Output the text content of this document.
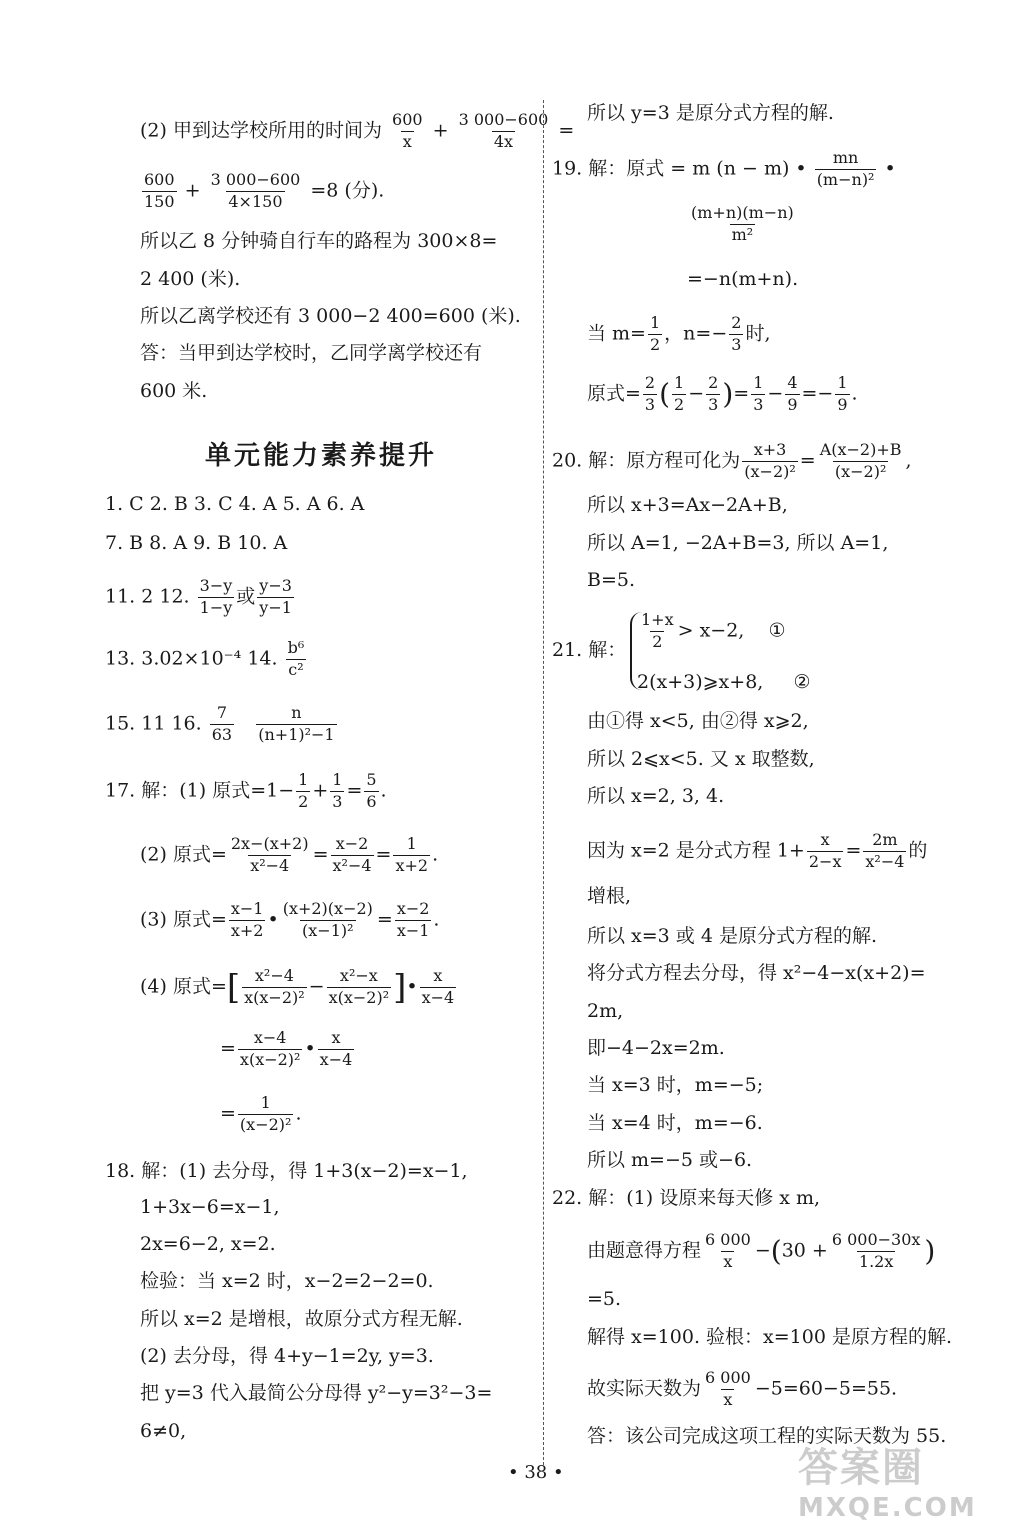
(2) 甲到达学校所用的时间为 $\frac{600}{x} + \frac{3 000-600}{4x}$ =
$\frac{600}{150} + \frac{3 000-600}{4\times 150} =8$ (分).
所以乙 8 分钟骑自行车的路程为 300×8=
2 400 (米).
所以乙离学校还有 3 000−2 400=600 (米).
答：当甲到达学校时，乙同学离学校还有
600 米.
1. C 2. B 3. C 4. A 5. A 6. A
7. B 8. A 9. B 10. A
11. 2 12. $\frac{3-y}{1-y}$ 或 $\frac{y-3}{y-1}$
13. 3.02×10⁻⁴ 14. $\frac{\text{b⁶}}{\text{c²}}$
15. 11 16. $\frac{7}{63}$
$\frac{n}{\text{(n+1)²−1}}$
17. 解：(1) 原式$=1- \frac{1}{2} + \frac{1}{3} = \frac{5}{6}$ .
(2) 原式= $\frac{2x-(x+2)}{\text{x²−4}} = \frac{x-2}{\text{x²−4}} = \frac{1}{x+2}$ .
(3) 原式= $\frac{x-1}{x+2}$ • $\frac{(x+2)(x-2)}{\text{(x−1)²}} = \frac{x-2}{x-1}$ .
(4) 原式=[ $\frac{\text{x²−4}}{\text{x(x−2)²}} - \frac{\text{x²−x}}{\text{x(x−2)²}}$ ]• $\frac{x}{x-4}$
= $\frac{x-4}{\text{x(x−2)²}}$ • $\frac{x}{x-4}$
= $\frac{1}{\text{(x−2)²}}$ .
18. 解：(1) 去分母，得 1+3(x−2)=x−1,
1+3x−6=x−1,
2x=6−2, x=2.
检验：当 x=2 时，x−2=2−2=0.
所以 x=2 是增根，故原分式方程无解.
(2) 去分母，得 4+y−1=2y, y=3.
把 y=3 代入最简公分母得 y²−y=3²−3=
6≠0,
单元能力素养提升
所以 y=3 是原分式方程的解.
19. 解：原式 = m (n − m) • $\frac{mn}{\text{(m−n)²}}$ •
$\frac{(m+n)(m-n)}{\text{m²}}$
=−n(m+n).
当 $m= \frac{1}{2}$ ，$n=- \frac{2}{3}$ 时,
原式= $\frac{2}{3}$ ( $\frac{1}{2} - \frac{2}{3}$ )= $\frac{1}{3} - \frac{4}{9} =- \frac{1}{9}$ .
20. 解：原方程可化为 $\frac{x+3}{\text{(x−2)²}} = \frac{A(x-2)+B}{\text{(x−2)²}}$ ,
所以 x+3=Ax−2A+B,
所以 A=1, −2A+B=3, 所以 A=1,
B=5.
21. 解： $\frac{1+x}{2} > x-2$, ①
2(x+3)⩾x+8, ②
由①得 x<5, 由②得 x⩾2,
所以 2⩽x<5. 又 x 取整数,
所以 x=2, 3, 4.
因为 x=2 是分式方程 $1+ \frac{x}{2-x} = \frac{2m}{\text{x²−4}}$ 的
增根,
所以 x=3 或 4 是原分式方程的解.
将分式方程去分母，得 x²−4−x(x+2)=
2m,
即−4−2x=2m.
当 x=3 时，m=−5;
当 x=4 时，m=−6.
所以 m=−5 或−6.
22. 解：(1) 设原来每天修 x m,
由题意得方程 $\frac{6 000}{x} -(30 + \frac{6 000-30x}{1.2x}$ )
=5.
解得 x=100. 验根：x=100 是原方程的解.
故实际天数为 $\frac{6 000}{x} -5=60-5=55$.
答：该公司完成这项工程的实际天数为 55.
• 38 •	答案圈
MXQE.COM
